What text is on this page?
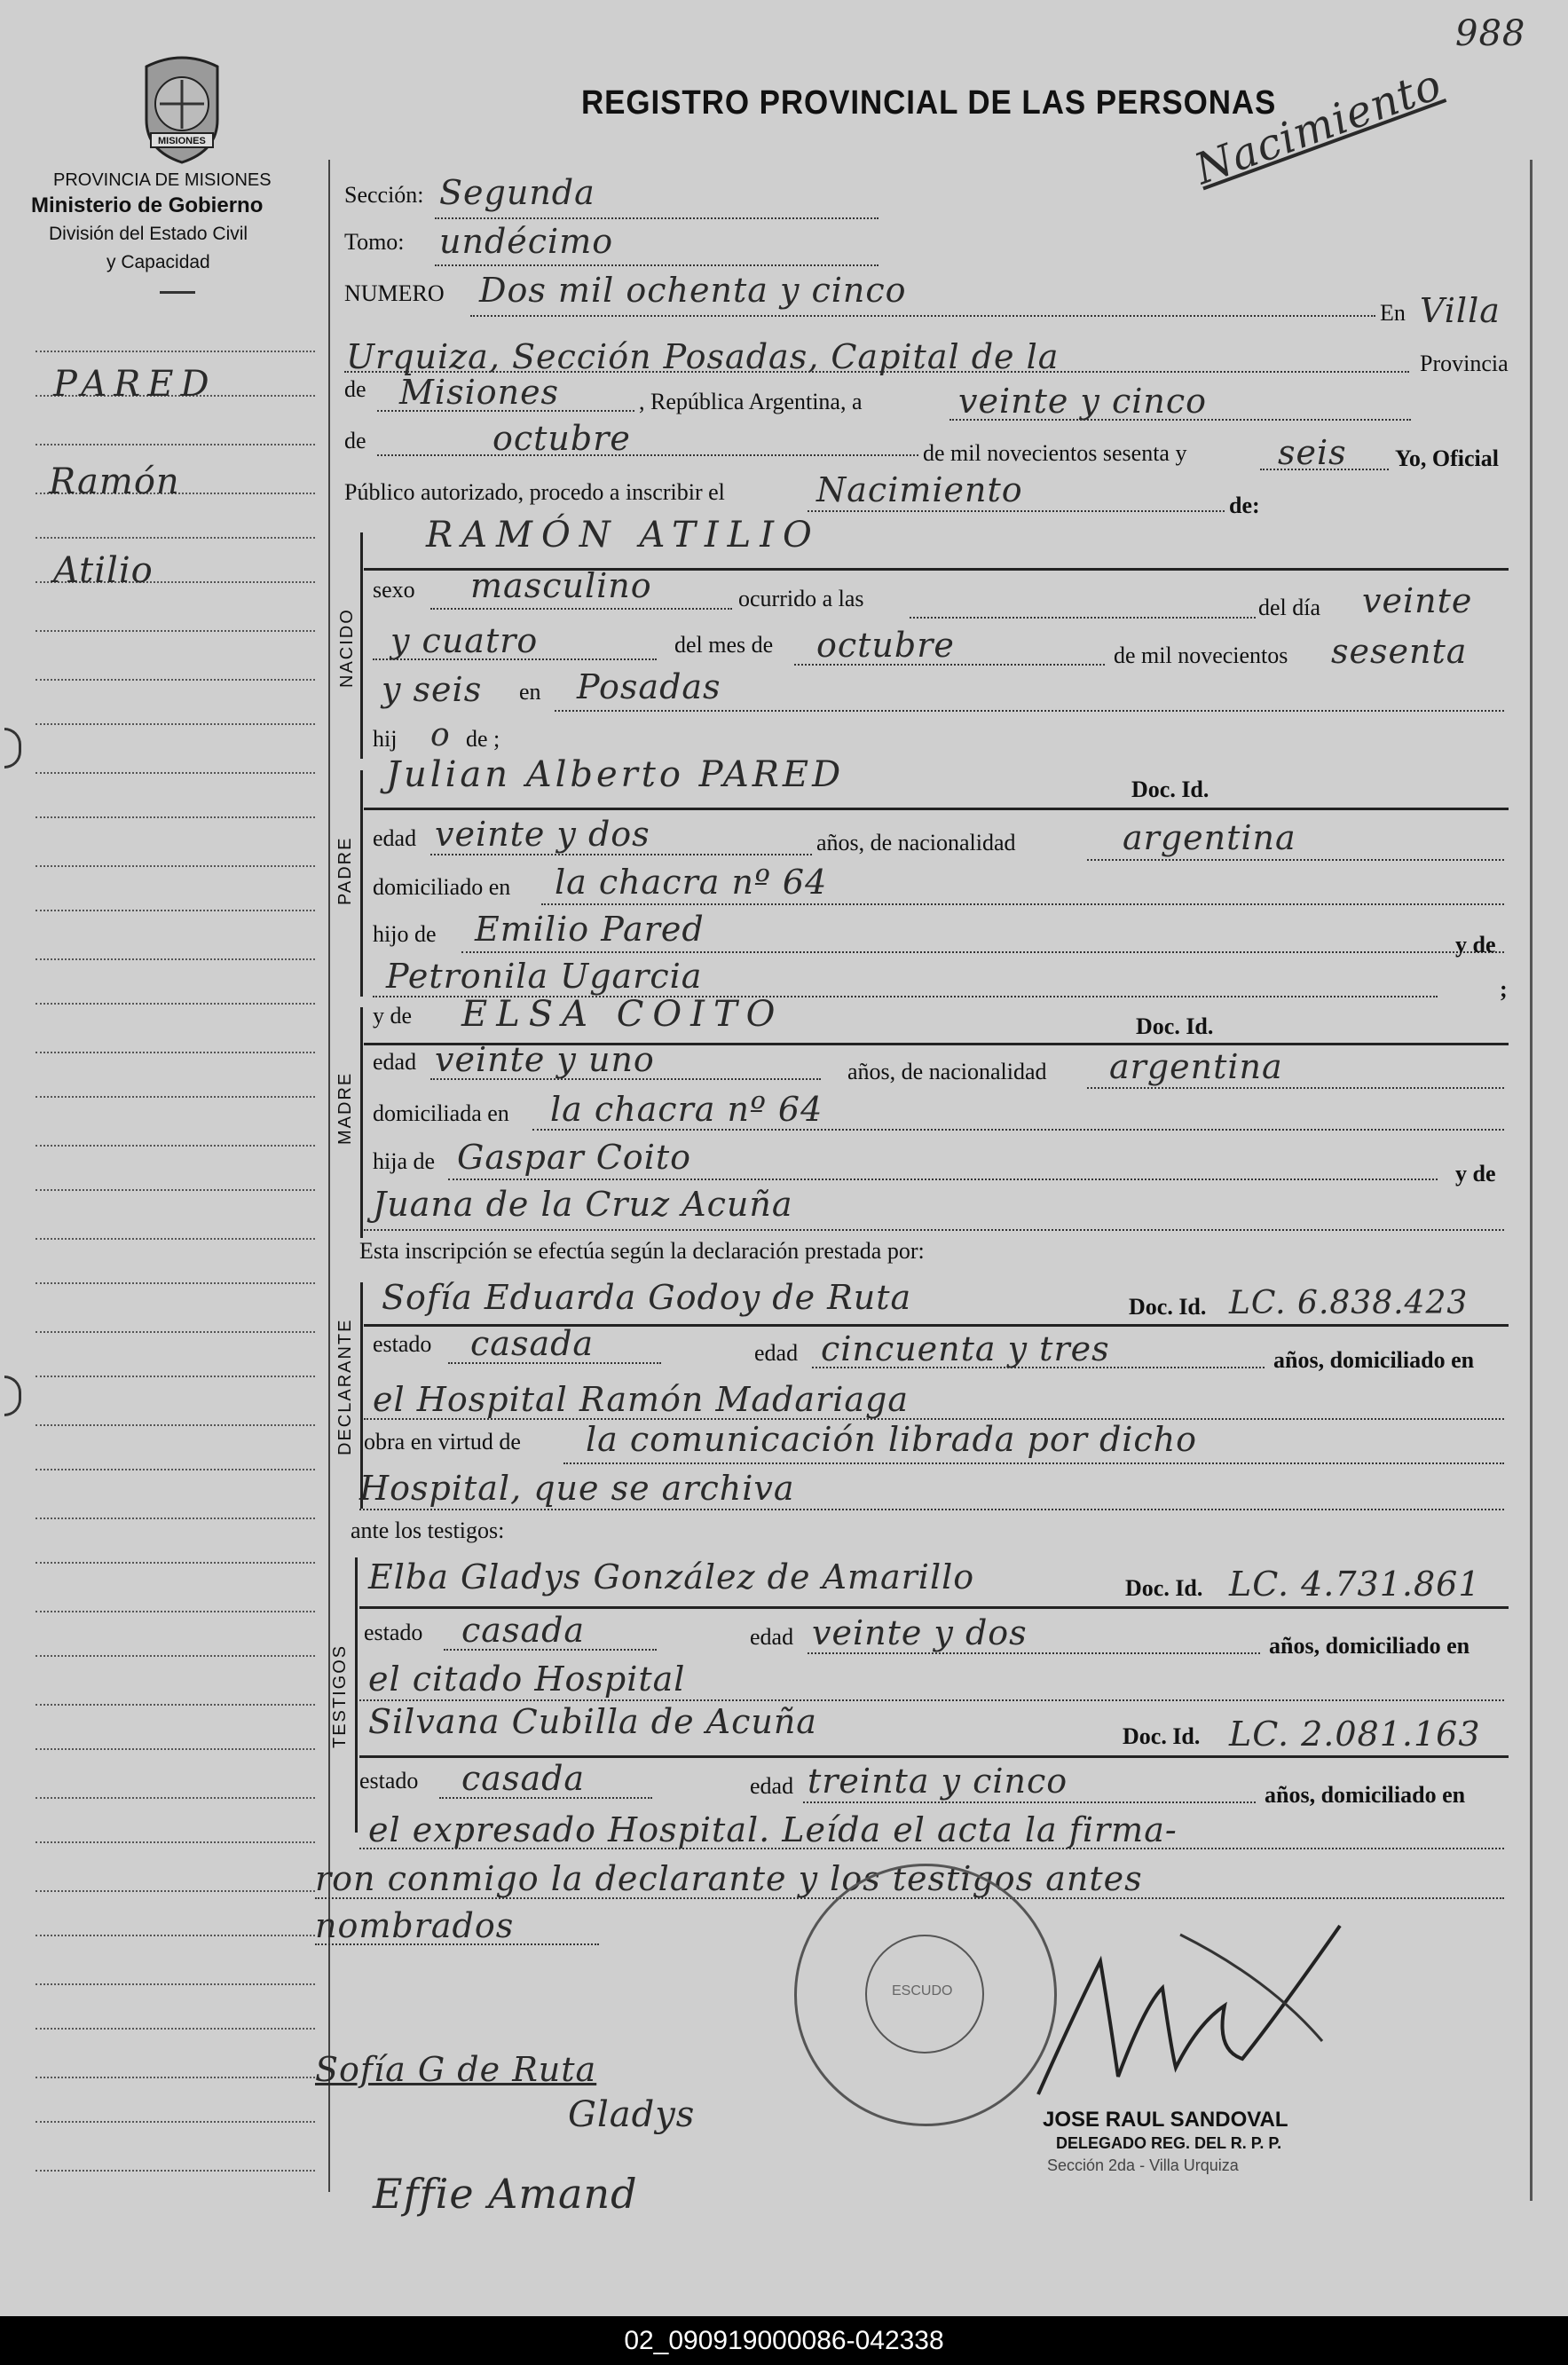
MISIONES
PROVINCIA DE MISIONES
Ministerio de Gobierno
División del Estado Civil
y Capacidad
REGISTRO PROVINCIAL DE LAS PERSONAS
Nacimiento
988
PARED
Ramón
Atilio
Sección: Segunda
Tomo: undécimo
NUMERO Dos mil ochenta y cinco
En Villa
Urquiza, Sección Posadas, Capital de la	Provincia
de Misiones	, República Argentina, a	veinte y cinco
de	octubre	de mil novecientos sesenta y	seis Yo, Oficial
Público autorizado, procedo a inscribir el	Nacimiento	de:
NACIDO
RAMÓN ATILIO
sexo masculino	ocurrido a las	del día veinte
y cuatro	del mes de octubre	de mil novecientos sesenta
y seis en Posadas
hij o de ;
PADRE
Julian Alberto PARED	Doc. Id.
edad veinte y dos	años, de nacionalidad	argentina
domiciliado en la chacra nº 64
hijo de Emilio Pared
Petronila Ugarcia
y de
;
MADRE
y de ELSA COITO	Doc. Id.
edad veinte y uno	años, de nacionalidad argentina
domiciliada en la chacra nº 64
hija de Gaspar Coito	y de
Juana de la Cruz Acuña
Esta inscripción se efectúa según la declaración prestada por:
DECLARANTE
Sofía Eduarda Godoy de Ruta	Doc. Id. LC. 6.838.423
estado casada	edad cincuenta y tres	años, domiciliado en
el Hospital Ramón Madariaga
obra en virtud de la comunicación librada por dicho
Hospital, que se archiva
ante los testigos:
TESTIGOS
Elba Gladys González de Amarillo	Doc. Id. LC. 4.731.861
estado casada	edad veinte y dos	años, domiciliado en
el citado Hospital
Silvana Cubilla de Acuña	Doc. Id. LC. 2.081.163
estado casada	edad treinta y cinco	años, domiciliado en
el expresado Hospital. Leída el acta la firma-
ron conmigo la declarante y los testigos antes
nombrados
ESCUDO
JOSE RAUL SANDOVAL
DELEGADO REG. DEL R. P. P.
Sección 2da - Villa Urquiza
Sofía G de Ruta
Gladys
Effie Amand
02_090919000086-042338
